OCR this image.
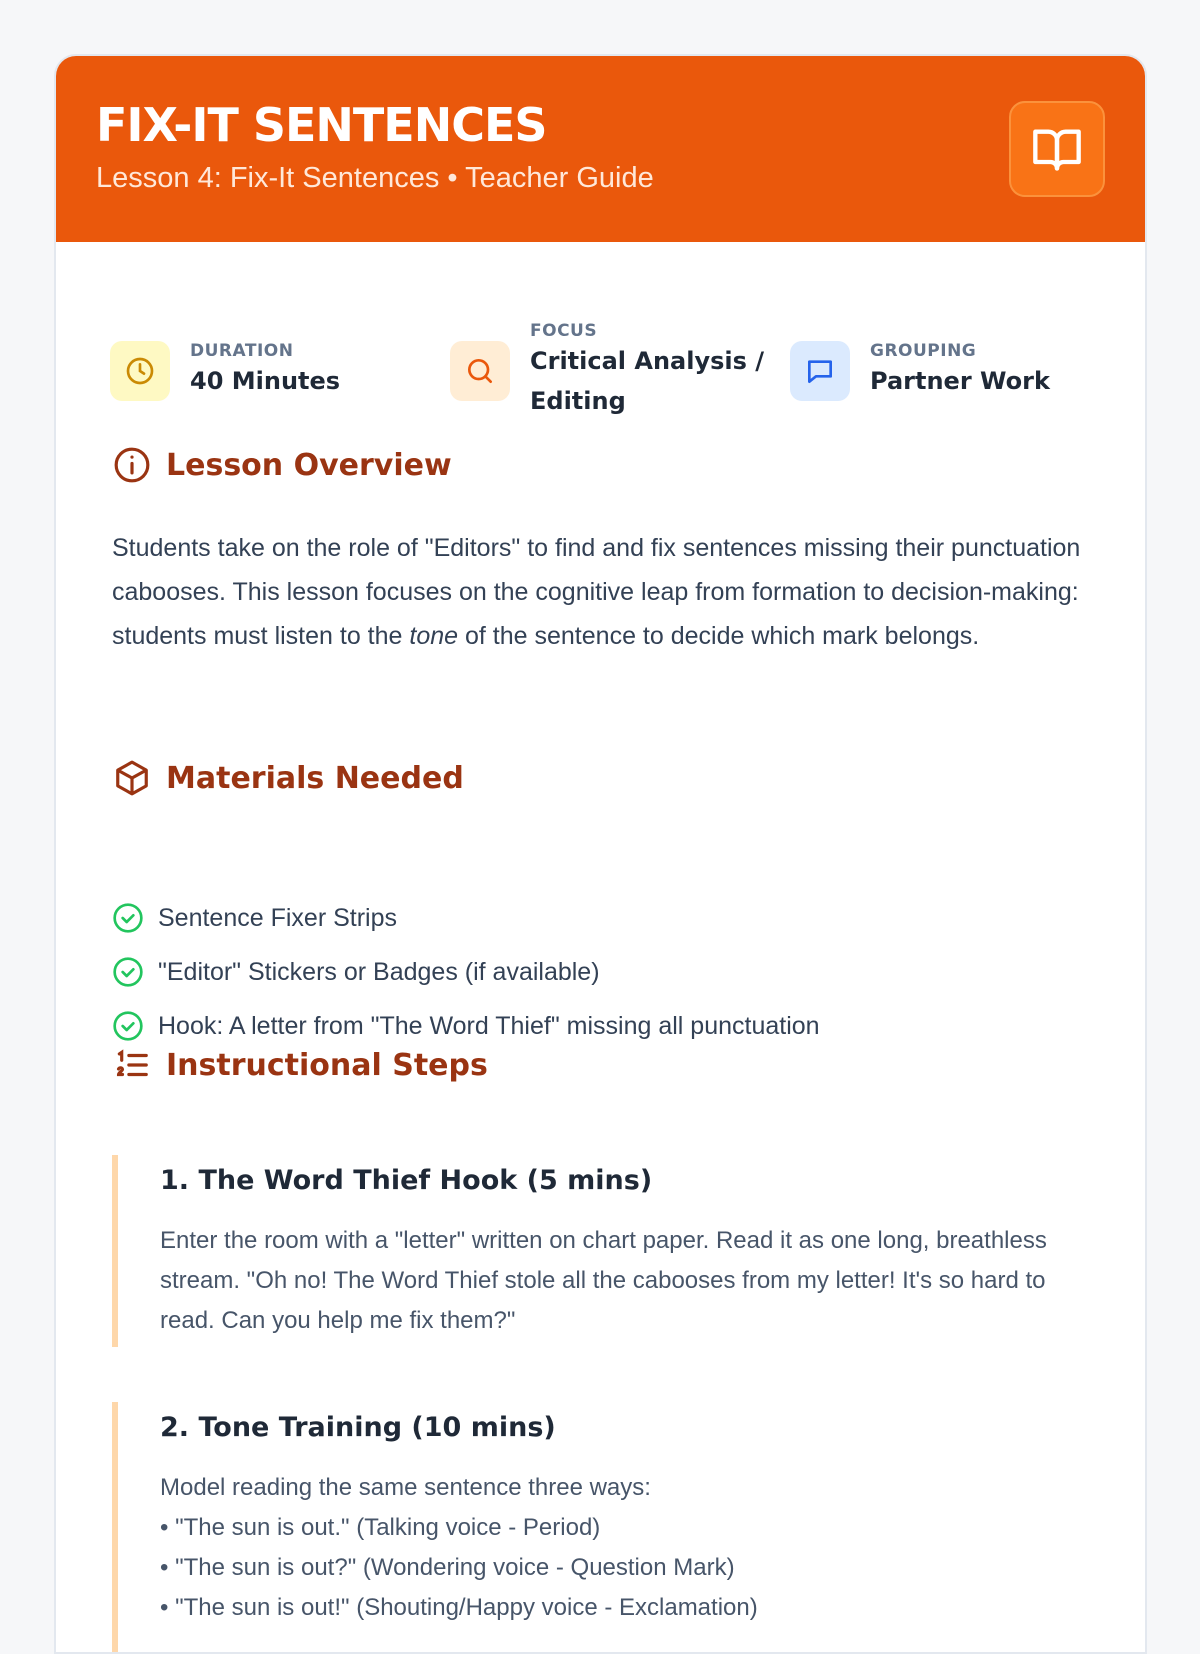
FIX-IT SENTENCES
Lesson 4: Fix-It Sentences • Teacher Guide
DURATION
40 Minutes
FOCUS
Critical Analysis /
Editing
GROUPING
Partner Work
Lesson Overview

Students take on the role of "Editors" to find and fix sentences missing their punctuation cabooses. This lesson focuses on the cognitive leap from formation to decision-making: students must listen to the tone of the sentence to decide which mark belongs.

Materials Needed
Sentence Fixer Strips
"Editor" Stickers or Badges (if available)
Hook: A letter from "The Word Thief" missing all punctuation
Instructional Steps
1. The Word Thief Hook (5 mins)
Enter the room with a "letter" written on chart paper. Read it as one long, breathless stream. "Oh no! The Word Thief stole all the cabooses from my letter! It's so hard to read. Can you help me fix them?"
2. Tone Training (10 mins)
Model reading the same sentence three ways:
• "The sun is out." (Talking voice - Period)
• "The sun is out?" (Wondering voice - Question Mark)
• "The sun is out!" (Shouting/Happy voice - Exclamation)
